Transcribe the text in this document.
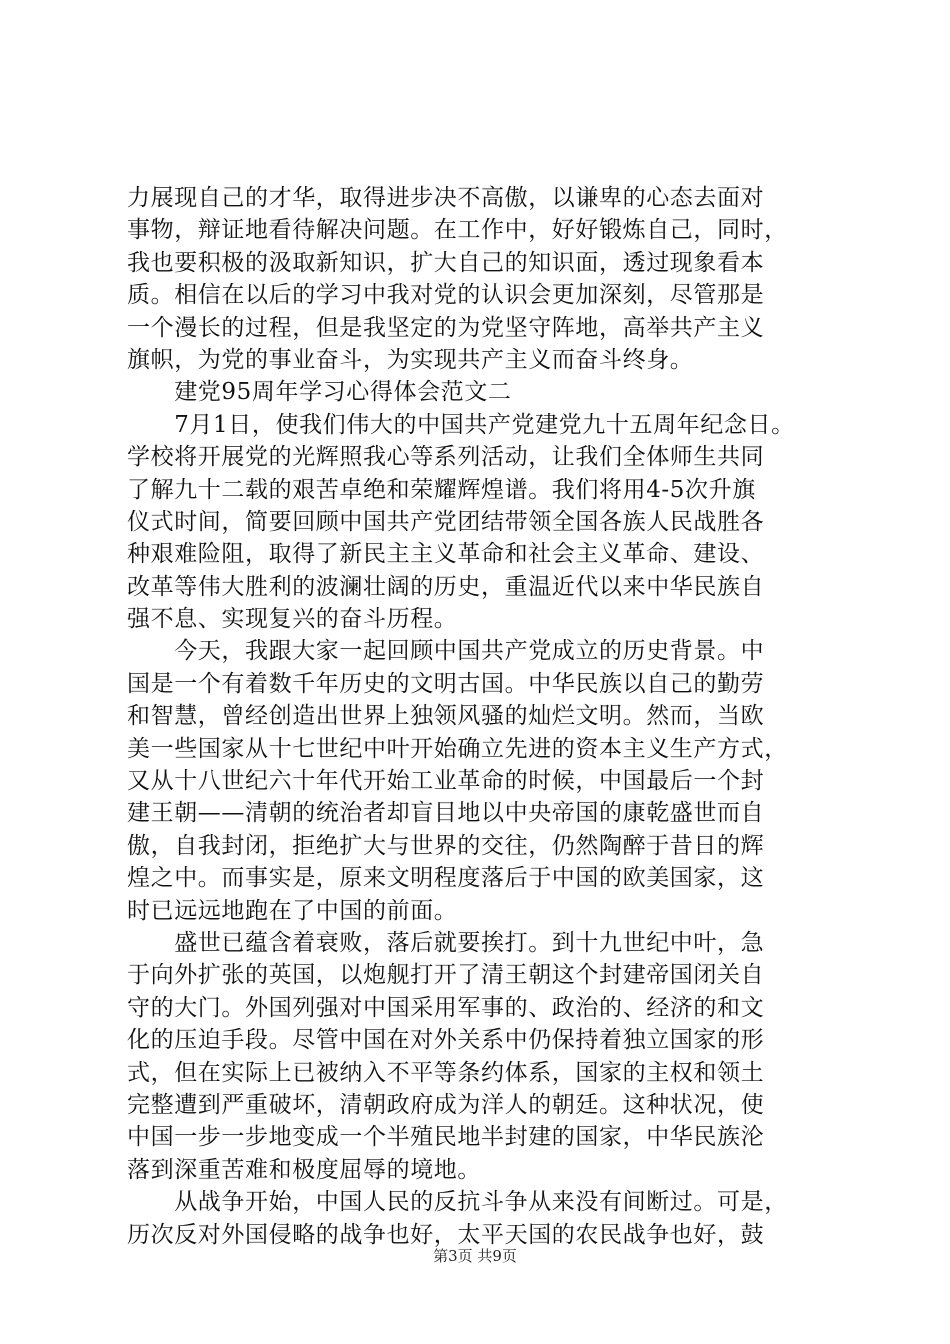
力展现自己的才华，取得进步决不高傲，以谦卑的心态去面对
事物，辩证地看待解决问题。在工作中，好好锻炼自己，同时，
我也要积极的汲取新知识，扩大自己的知识面，透过现象看本
质。相信在以后的学习中我对党的认识会更加深刻，尽管那是
一个漫长的过程，但是我坚定的为党坚守阵地，高举共产主义
旗帜，为党的事业奋斗，为实现共产主义而奋斗终身。
　　建党95周年学习心得体会范文二
　　7月1日，使我们伟大的中国共产党建党九十五周年纪念日。
学校将开展党的光辉照我心等系列活动，让我们全体师生共同
了解九十二载的艰苦卓绝和荣耀辉煌谱。我们将用4-5次升旗
仪式时间，简要回顾中国共产党团结带领全国各族人民战胜各
种艰难险阻，取得了新民主主义革命和社会主义革命、建设、
改革等伟大胜利的波澜壮阔的历史，重温近代以来中华民族自
强不息、实现复兴的奋斗历程。
　　今天，我跟大家一起回顾中国共产党成立的历史背景。中
国是一个有着数千年历史的文明古国。中华民族以自己的勤劳
和智慧，曾经创造出世界上独领风骚的灿烂文明。然而，当欧
美一些国家从十七世纪中叶开始确立先进的资本主义生产方式，
又从十八世纪六十年代开始工业革命的时候，中国最后一个封
建王朝——清朝的统治者却盲目地以中央帝国的康乾盛世而自
傲，自我封闭，拒绝扩大与世界的交往，仍然陶醉于昔日的辉
煌之中。而事实是，原来文明程度落后于中国的欧美国家，这
时已远远地跑在了中国的前面。
　　盛世已蕴含着衰败，落后就要挨打。到十九世纪中叶，急
于向外扩张的英国，以炮舰打开了清王朝这个封建帝国闭关自
守的大门。外国列强对中国采用军事的、政治的、经济的和文
化的压迫手段。尽管中国在对外关系中仍保持着独立国家的形
式，但在实际上已被纳入不平等条约体系，国家的主权和领土
完整遭到严重破坏，清朝政府成为洋人的朝廷。这种状况，使
中国一步一步地变成一个半殖民地半封建的国家，中华民族沦
落到深重苦难和极度屈辱的境地。
　　从战争开始，中国人民的反抗斗争从来没有间断过。可是，
历次反对外国侵略的战争也好，太平天国的农民战争也好，鼓
第3页 共9页
